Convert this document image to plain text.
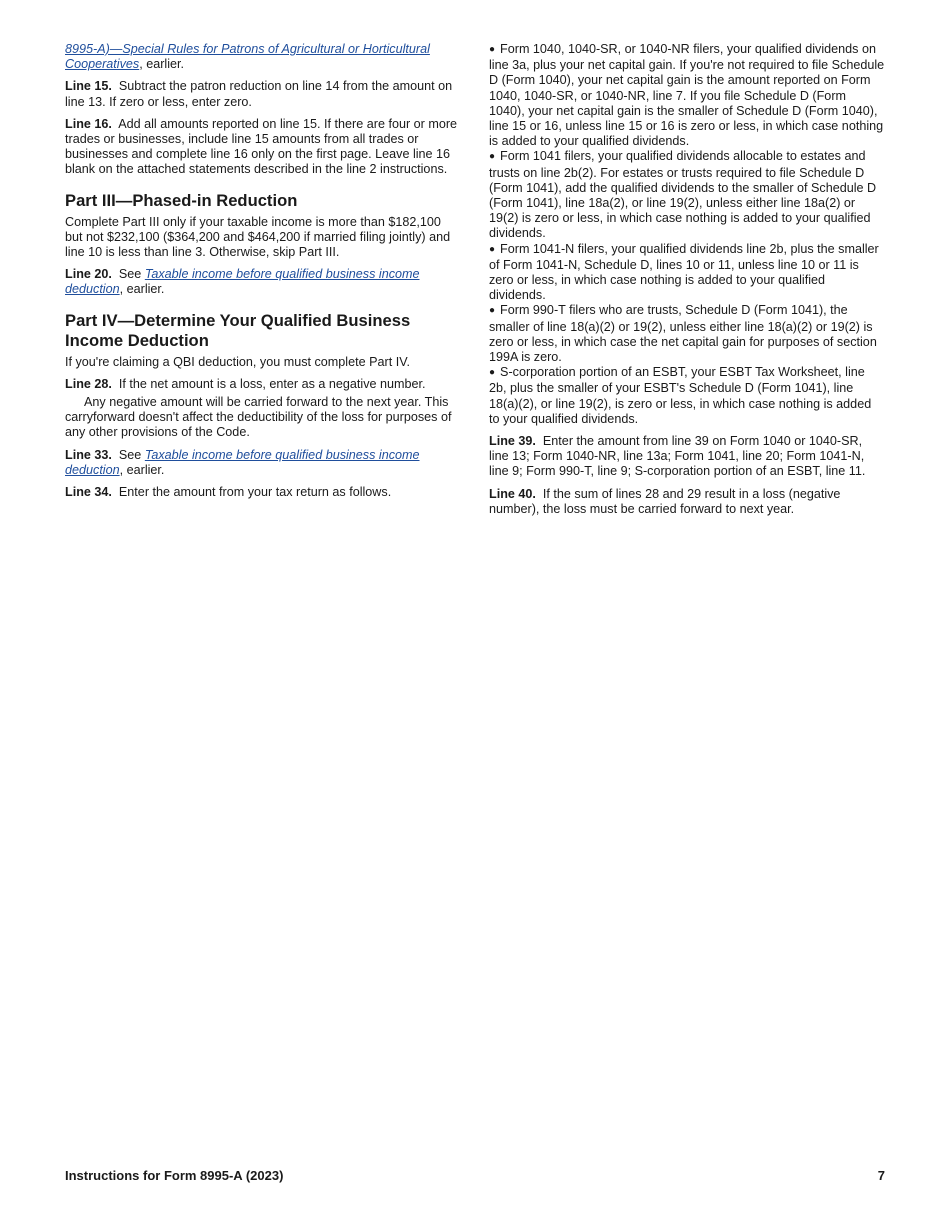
8995-A)—Special Rules for Patrons of Agricultural or Horticultural Cooperatives, earlier.

Line 15. Subtract the patron reduction on line 14 from the amount on line 13. If zero or less, enter zero.

Line 16. Add all amounts reported on line 15. If there are four or more trades or businesses, include line 15 amounts from all trades or businesses and complete line 16 only on the first page. Leave line 16 blank on the attached statements described in the line 2 instructions.

Part III—Phased-in Reduction

Complete Part III only if your taxable income is more than $182,100 but not $232,100 ($364,200 and $464,200 if married filing jointly) and line 10 is less than line 3. Otherwise, skip Part III.

Line 20. See Taxable income before qualified business income deduction, earlier.

Part IV—Determine Your Qualified Business Income Deduction

If you're claiming a QBI deduction, you must complete Part IV.

Line 28. If the net amount is a loss, enter as a negative number.

Any negative amount will be carried forward to the next year. This carryforward doesn't affect the deductibility of the loss for purposes of any other provisions of the Code.

Line 33. See Taxable income before qualified business income deduction, earlier.

Line 34. Enter the amount from your tax return as follows.

● Form 1040, 1040-SR, or 1040-NR filers, your qualified dividends on line 3a, plus your net capital gain. If you're not required to file Schedule D (Form 1040), your net capital gain is the amount reported on Form 1040, 1040-SR, or 1040-NR, line 7. If you file Schedule D (Form 1040), your net capital gain is the smaller of Schedule D (Form 1040), line 15 or 16, unless line 15 or 16 is zero or less, in which case nothing is added to your qualified dividends.

● Form 1041 filers, your qualified dividends allocable to estates and trusts on line 2b(2). For estates or trusts required to file Schedule D (Form 1041), add the qualified dividends to the smaller of Schedule D (Form 1041), line 18a(2), or line 19(2), unless either line 18a(2) or 19(2) is zero or less, in which case nothing is added to your qualified dividends.

● Form 1041-N filers, your qualified dividends line 2b, plus the smaller of Form 1041-N, Schedule D, lines 10 or 11, unless line 10 or 11 is zero or less, in which case nothing is added to your qualified dividends.

● Form 990-T filers who are trusts, Schedule D (Form 1041), the smaller of line 18(a)(2) or 19(2), unless either line 18(a)(2) or 19(2) is zero or less, in which case the net capital gain for purposes of section 199A is zero.

● S-corporation portion of an ESBT, your ESBT Tax Worksheet, line 2b, plus the smaller of your ESBT's Schedule D (Form 1041), line 18(a)(2), or line 19(2), is zero or less, in which case nothing is added to your qualified dividends.

Line 39. Enter the amount from line 39 on Form 1040 or 1040-SR, line 13; Form 1040-NR, line 13a; Form 1041, line 20; Form 1041-N, line 9; Form 990-T, line 9; S-corporation portion of an ESBT, line 11.

Line 40. If the sum of lines 28 and 29 result in a loss (negative number), the loss must be carried forward to next year.

Instructions for Form 8995-A (2023)	7
